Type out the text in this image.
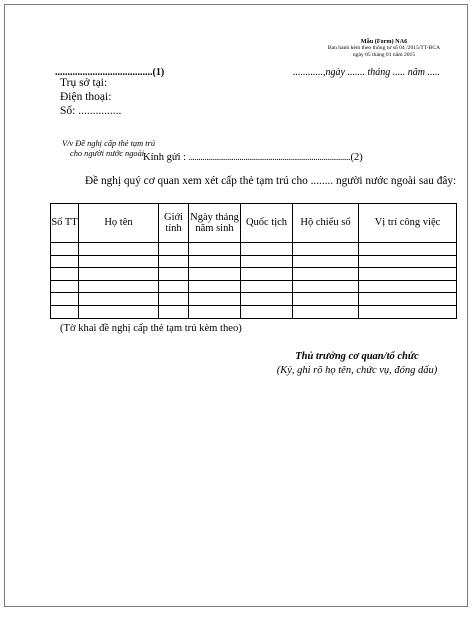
Mẫu (Form) NA6
Ban hành kèm theo thông tư số 04 /2015/TT-BCA
ngày 05 tháng 01 năm 2015
.......................................(1)	............,ngày ....... tháng ..... năm .....
Trụ sở tại:
Điện thoại:
Số: ...............
V/v Đề nghị cấp thẻ tạm trú
cho người nước ngoài
Kính gửi : ...................................................................................(2)
Đề nghị quý cơ quan xem xét cấp thẻ tạm trú cho ........ người nước ngoài sau đây:
Số TT	Họ tên	Giới tính	Ngày tháng năm sinh	Quốc tịch	Hộ chiếu số	Vị trí công việc

(Tờ khai đề nghị cấp thẻ tạm trú kèm theo)
Thủ trưởng cơ quan/tổ chức
(Ký, ghi rõ họ tên, chức vụ, đóng dấu)
